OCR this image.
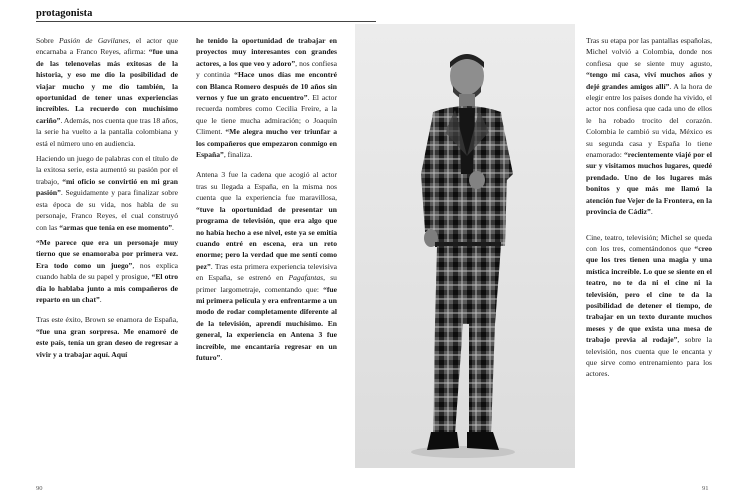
protagonista

Sobre Pasión de Gavilanes, el actor que encarnaba a Franco Reyes, afirma: “fue una de las telenovelas más exitosas de la historia, y eso me dio la posibilidad de viajar mucho y me dio también, la oportunidad de tener unas experiencias increíbles. La recuerdo con muchísimo cariño”. Además, nos cuenta que tras 18 años, la serie ha vuelto a la pantalla colombiana y está el número uno en audiencia.

Haciendo un juego de palabras con el título de la exitosa serie, esta aumentó su pasión por el trabajo, “mi oficio se convirtió en mi gran pasión”. Seguidamente y para finalizar sobre esta época de su vida, nos habla de su personaje, Franco Reyes, el cual construyó con las “armas que tenía en ese momento”.

“Me parece que era un personaje muy tierno que se enamoraba por primera vez. Era todo como un juego”, nos explica cuando habla de su papel y prosigue, “El otro día lo hablaba junto a mis compañeros de reparto en un chat”.

Tras este éxito, Brown se enamora de España, “fue una gran sorpresa. Me enamoré de este país, tenía un gran deseo de regresar a vivir y a trabajar aquí. Aquí

he tenido la oportunidad de trabajar en proyectos muy interesantes con grandes actores, a los que veo y adoro”, nos confiesa y continúa “Hace unos días me encontré con Blanca Romero después de 10 años sin vernos y fue un grato encuentro”. El actor recuerda nombres como Cecilia Freire, a la que le tiene mucha admiración; o Joaquín Climent. “Me alegra mucho ver triunfar a los compañeros que empezaron conmigo en España”, finaliza.

Antena 3 fue la cadena que acogió al actor tras su llegada a España, en la misma nos cuenta que la experiencia fue maravillosa, “tuve la oportunidad de presentar un programa de televisión, que era algo que no había hecho a ese nivel, este ya se emitía cuando entré en escena, era un reto enorme; pero la verdad que me sentí como pez”. Tras esta primera experiencia televisiva en España, se estrenó en Pagafantas, su primer largometraje, comentando que: “fue mi primera película y era enfrentarme a un modo de rodar completamente diferente al de la televisión, aprendí muchísimo. En general, la experiencia en Antena 3 fue increíble, me encantaría regresar en un futuro”.

Tras su etapa por las pantallas españolas, Michel volvió a Colombia, donde nos confiesa que se siente muy agusto, “tengo mi casa, viví muchos años y dejé grandes amigos allí”. A la hora de elegir entre los países donde ha vivido, el actor nos confiesa que cada uno de ellos le ha robado trocito del corazón. Colombia le cambió su vida, México es su segunda casa y España lo tiene enamorado: “recientemente viajé por el sur y visitamos muchos lugares, quedé prendado. Uno de los lugares más bonitos y que más me llamó la atención fue Vejer de la Frontera, en la provincia de Cádiz”.

Cine, teatro, televisión; Michel se queda con los tres, comentándonos que “creo que los tres tienen una magia y una mística increíble. Lo que se siente en el teatro, no te da ni el cine ni la televisión, pero el cine te da la posibilidad de detener el tiempo, de trabajar en un texto durante muchos meses y de que exista una mesa de trabajo previa al rodaje”, sobre la televisión, nos cuenta que le encanta y que sirve como entrenamiento para los actores.

90	91
